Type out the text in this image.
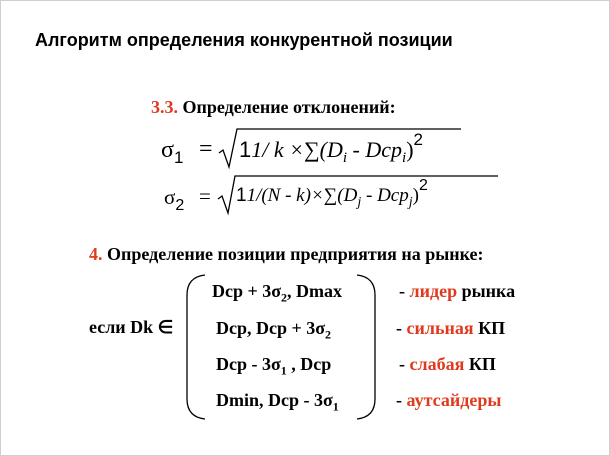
Алгоритм определения конкурентной позиции
3.3. Определение отклонений:
$\sigma_1 = 11/$ $k \times\sum(D_i - Dcp_i)^2$
$\sigma_2 = 11/(N - k)\times\sum(D_j - Dcp_j)^2$
4. Определение позиции предприятия на рынке:
если Dk ∈
Dcp + $3\sigma_2$, Dmax
Dcp, Dcp + $3\sigma_2$
Dcp - $3\sigma_1$ , Dcp
Dmin, Dcp - $3\sigma_1$
- лидер рынка
- сильная КП
- слабая КП
- аутсайдеры
